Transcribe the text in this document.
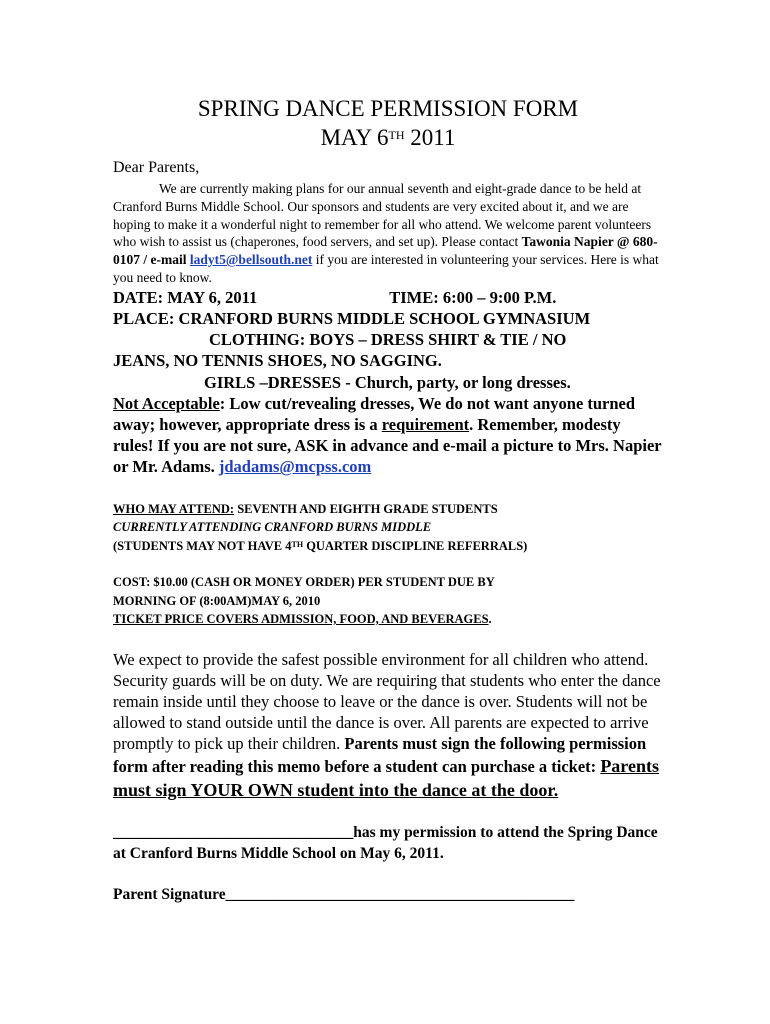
SPRING DANCE PERMISSION FORM
MAY 6TH 2011
Dear Parents,
We are currently making plans for our annual seventh and eight-grade dance to be held at Cranford Burns Middle School. Our sponsors and students are very excited about it, and we are hoping to make it a wonderful night to remember for all who attend. We welcome parent volunteers who wish to assist us (chaperones, food servers, and set up). Please contact Tawonia Napier @ 680-0107 / e-mail ladyt5@bellsouth.net if you are interested in volunteering your services. Here is what you need to know.
DATE: MAY 6, 2011	TIME: 6:00 – 9:00 P.M.
PLACE: CRANFORD BURNS MIDDLE SCHOOL GYMNASIUM
CLOTHING: BOYS – DRESS SHIRT & TIE / NO
JEANS, NO TENNIS SHOES, NO SAGGING.
GIRLS –DRESSES - Church, party, or long dresses.
Not Acceptable: Low cut/revealing dresses, We do not want anyone turned away; however, appropriate dress is a requirement. Remember, modesty rules! If you are not sure, ASK in advance and e-mail a picture to Mrs. Napier or Mr. Adams. jdadams@mcpss.com
WHO MAY ATTEND: SEVENTH AND EIGHTH GRADE STUDENTS
CURRENTLY ATTENDING CRANFORD BURNS MIDDLE
(STUDENTS MAY NOT HAVE 4TH QUARTER DISCIPLINE REFERRALS)
COST: $10.00 (CASH OR MONEY ORDER) PER STUDENT DUE BY
MORNING OF (8:00AM)MAY 6, 2010
TICKET PRICE COVERS ADMISSION, FOOD, AND BEVERAGES.
We expect to provide the safest possible environment for all children who attend. Security guards will be on duty. We are requiring that students who enter the dance remain inside until they choose to leave or the dance is over. Students will not be allowed to stand outside until the dance is over. All parents are expected to arrive promptly to pick up their children. Parents must sign the following permission form after reading this memo before a student can purchase a ticket: Parents must sign YOUR OWN student into the dance at the door.
_______________________________has my permission to attend the Spring Dance at Cranford Burns Middle School on May 6, 2011.
Parent Signature_____________________________________________
